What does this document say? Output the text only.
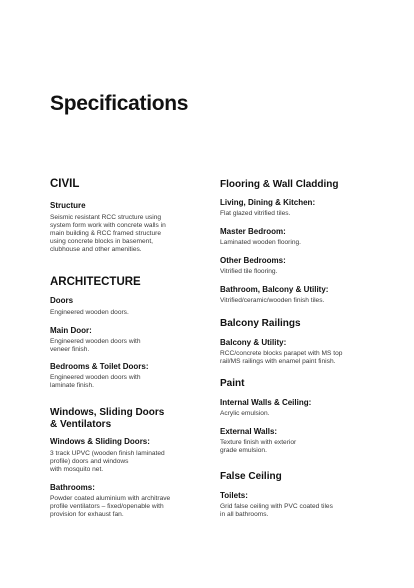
Specifications
CIVIL
Structure
Seismic resistant RCC structure using
system form work with concrete walls in
main building & RCC framed structure
using concrete blocks in basement,
clubhouse and other amenities.
ARCHITECTURE
Doors
Engineered wooden doors.
Main Door:
Engineered wooden doors with
veneer finish.
Bedrooms & Toilet Doors:
Engineered wooden doors with
laminate finish.
Windows, Sliding Doors
& Ventilators
Windows & Sliding Doors:
3 track UPVC (wooden finish laminated
profile) doors and windows
with mosquito net.
Bathrooms:
Powder coated aluminium with architrave
profile ventilators – fixed/openable with
provision for exhaust fan.
Flooring & Wall Cladding
Living, Dining & Kitchen:
Flat glazed vitrified tiles.
Master Bedroom:
Laminated wooden flooring.
Other Bedrooms:
Vitrified tile flooring.
Bathroom, Balcony & Utility:
Vitrified/ceramic/wooden finish tiles.
Balcony Railings
Balcony & Utility:
RCC/concrete blocks parapet with MS top
rail/MS railings with enamel paint finish.
Paint
Internal Walls & Ceiling:
Acrylic emulsion.
External Walls:
Texture finish with exterior
grade emulsion.
False Ceiling
Toilets:
Grid false ceiling with PVC coated tiles
in all bathrooms.
